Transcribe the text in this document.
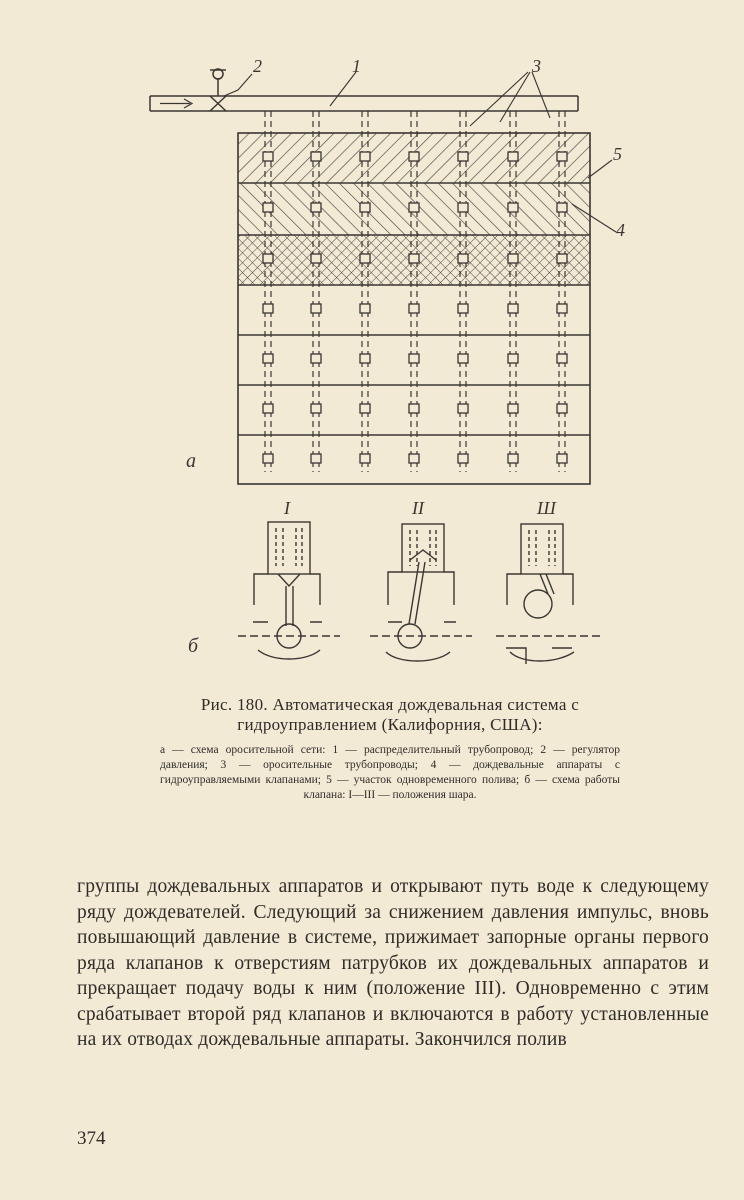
1
2	3
4
5
a
б
I	II	Ш
Рис. 180. Автоматическая дождевальная система с гидроуправлением (Калифорния, США):
а — схема оросительной сети: 1 — распределительный трубопровод; 2 — регулятор давления; 3 — оросительные трубопроводы; 4 — дождевальные аппараты с гидроуправляемыми клапанами; 5 — участок одновременного полива; б — схема работы клапана: I—III — положения шара.

группы дождевальных аппаратов и открывают путь воде к следующему ряду дождевателей. Следующий за снижением давления импульс, вновь повышающий давление в системе, прижимает запорные органы первого ряда клапанов к отверстиям патрубков их дождевальных аппаратов и прекращает подачу воды к ним (положение III). Одновременно с этим срабатывает второй ряд клапанов и включаются в работу установленные на их отводах дождевальные аппараты. Закончился полив

374
